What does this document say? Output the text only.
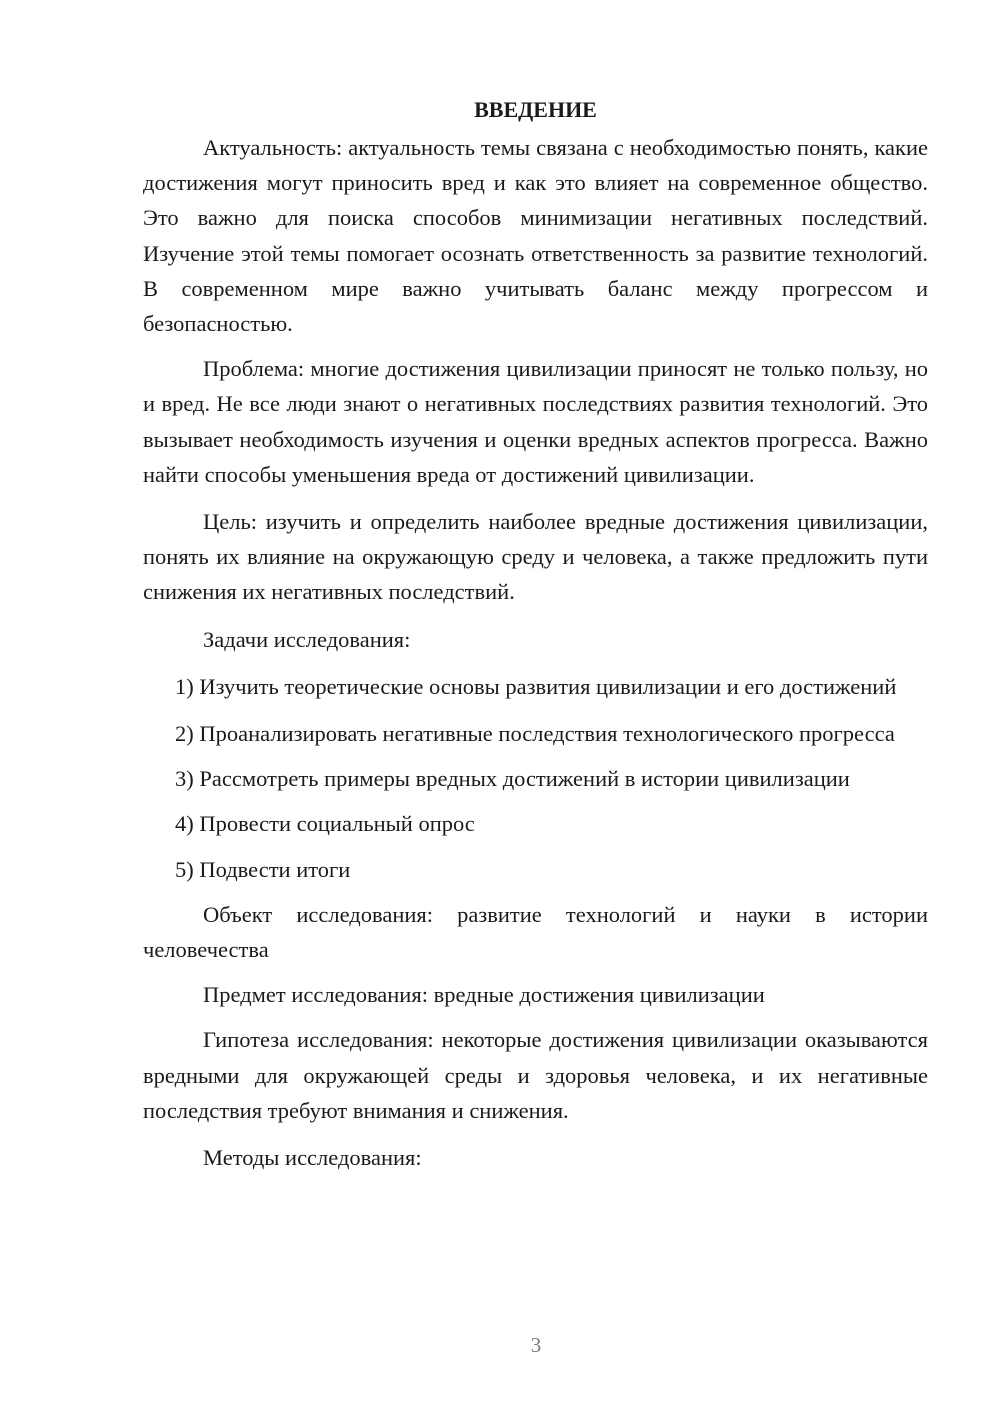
ВВЕДЕНИЕ

Актуальность: актуальность темы связана с необходимостью понять, какие достижения могут приносить вред и как это влияет на современное общество. Это важно для поиска способов минимизации негативных последствий. Изучение этой темы помогает осознать ответственность за развитие технологий. В современном мире важно учитывать баланс между прогрессом и безопасностью.

Проблема: многие достижения цивилизации приносят не только пользу, но и вред. Не все люди знают о негативных последствиях развития технологий. Это вызывает необходимость изучения и оценки вредных аспектов прогресса. Важно найти способы уменьшения вреда от достижений цивилизации.

Цель: изучить и определить наиболее вредные достижения цивилизации, понять их влияние на окружающую среду и человека, а также предложить пути снижения их негативных последствий.

Задачи исследования:

1) Изучить теоретические основы развития цивилизации и его достижений

2) Проанализировать негативные последствия технологического прогресса

3) Рассмотреть примеры вредных достижений в истории цивилизации

4) Провести социальный опрос

5) Подвести итоги

Объект исследования: развитие технологий и науки в истории человечества

Предмет исследования: вредные достижения цивилизации

Гипотеза исследования: некоторые достижения цивилизации оказываются вредными для окружающей среды и здоровья человека, и их негативные последствия требуют внимания и снижения.

Методы исследования:

3
